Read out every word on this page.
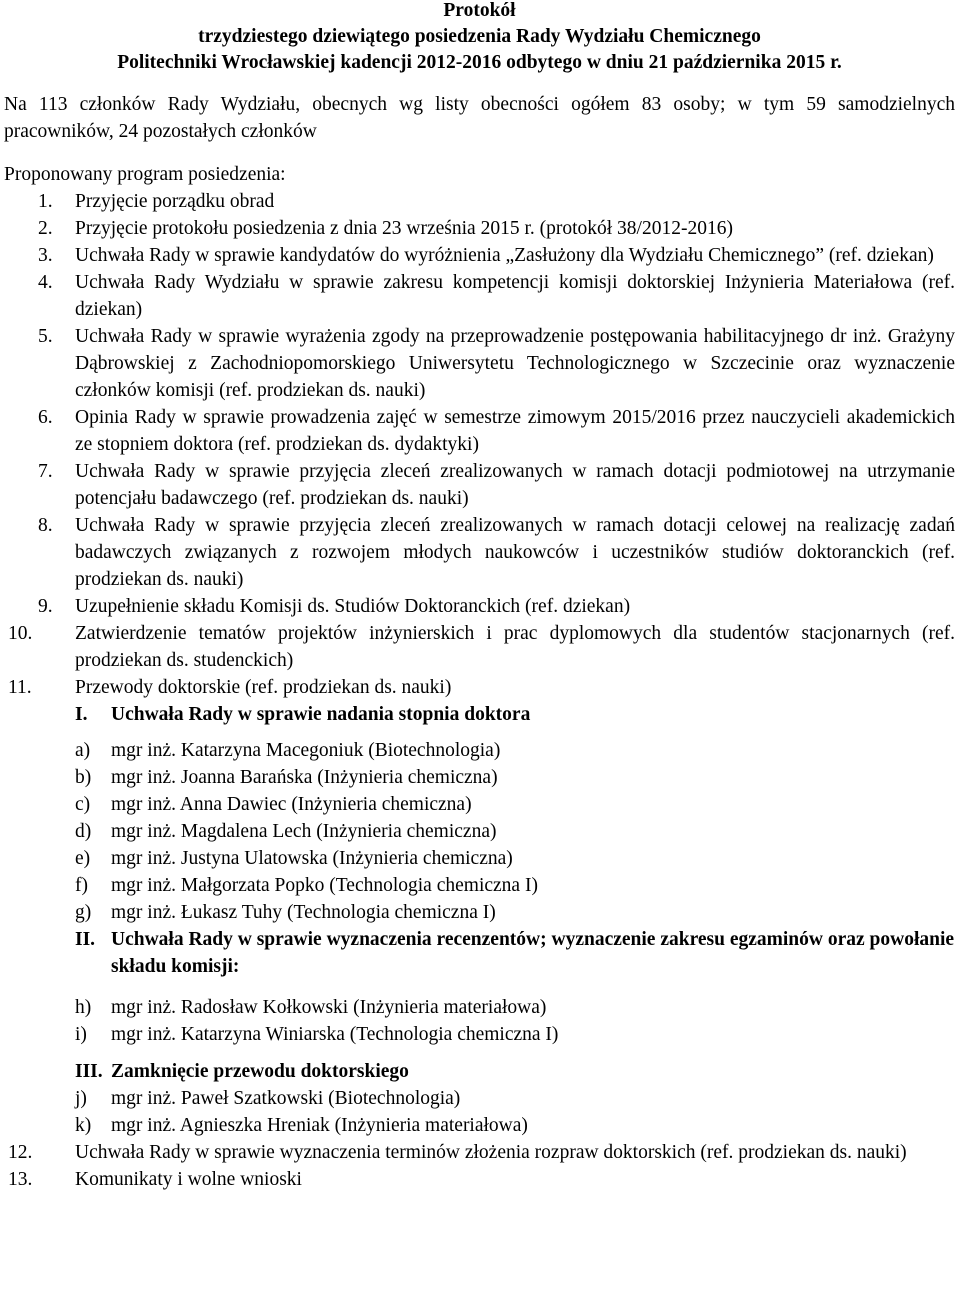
Protokół
trzydziestego dziewiątego posiedzenia Rady Wydziału Chemicznego
Politechniki Wrocławskiej kadencji 2012-2016 odbytego w dniu 21 października 2015 r.
Na 113 członków Rady Wydziału, obecnych wg listy obecności ogółem 83 osoby; w tym 59 samodzielnych pracowników, 24 pozostałych członków
Proponowany program posiedzenia:
1. Przyjęcie porządku obrad
2. Przyjęcie protokołu posiedzenia z dnia 23 września 2015 r. (protokół 38/2012-2016)
3. Uchwała Rady w sprawie kandydatów do wyróżnienia „Zasłużony dla Wydziału Chemicznego” (ref. dziekan)
4. Uchwała Rady Wydziału w sprawie zakresu kompetencji komisji doktorskiej Inżynieria Materiałowa (ref. dziekan)
5. Uchwała Rady w sprawie wyrażenia zgody na przeprowadzenie postępowania habilitacyjnego dr inż. Grażyny Dąbrowskiej z Zachodniopomorskiego Uniwersytetu Technologicznego w Szczecinie oraz wyznaczenie członków komisji (ref. prodziekan ds. nauki)
6. Opinia Rady w sprawie prowadzenia zajęć w semestrze zimowym 2015/2016 przez nauczycieli akademickich ze stopniem doktora (ref. prodziekan ds. dydaktyki)
7. Uchwała Rady w sprawie przyjęcia zleceń zrealizowanych w ramach dotacji podmiotowej na utrzymanie potencjału badawczego (ref. prodziekan ds. nauki)
8. Uchwała Rady w sprawie przyjęcia zleceń zrealizowanych w ramach dotacji celowej na realizację zadań badawczych związanych z rozwojem młodych naukowców i uczestników studiów doktoranckich (ref. prodziekan ds. nauki)
9. Uzupełnienie składu Komisji ds. Studiów Doktoranckich (ref. dziekan)
10. Zatwierdzenie tematów projektów inżynierskich i prac dyplomowych dla studentów stacjonarnych (ref. prodziekan ds. studenckich)
11. Przewody doktorskie (ref. prodziekan ds. nauki)
I. Uchwała Rady w sprawie nadania stopnia doktora
a) mgr inż. Katarzyna Macegoniuk (Biotechnologia)
b) mgr inż. Joanna Barańska (Inżynieria chemiczna)
c) mgr inż. Anna Dawiec (Inżynieria chemiczna)
d) mgr inż. Magdalena Lech (Inżynieria chemiczna)
e) mgr inż. Justyna Ulatowska (Inżynieria chemiczna)
f) mgr inż. Małgorzata Popko (Technologia chemiczna I)
g) mgr inż. Łukasz Tuhy (Technologia chemiczna I)
II. Uchwała Rady w sprawie wyznaczenia recenzentów; wyznaczenie zakresu egzaminów oraz powołanie składu komisji:
h) mgr inż. Radosław Kołkowski (Inżynieria materiałowa)
i) mgr inż. Katarzyna Winiarska (Technologia chemiczna I)
III. Zamknięcie przewodu doktorskiego
j) mgr inż. Paweł Szatkowski (Biotechnologia)
k) mgr inż. Agnieszka Hreniak (Inżynieria materiałowa)
12. Uchwała Rady w sprawie wyznaczenia terminów złożenia rozpraw doktorskich (ref. prodziekan ds. nauki)
13. Komunikaty i wolne wnioski
